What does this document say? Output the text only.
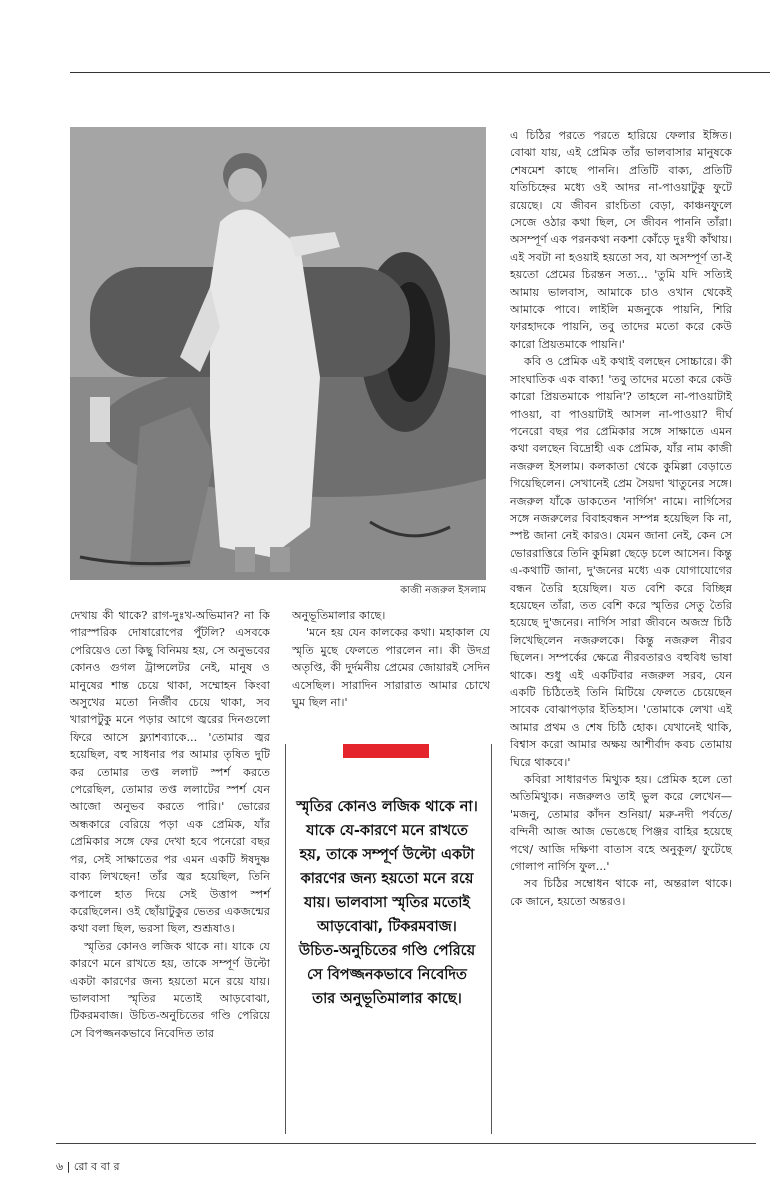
কাজী নজরুল ইসলাম

দেখায় কী থাকে? রাগ-দুঃখ-অভিমান? না কি পারস্পরিক দোষারোপের পুঁটলি? এসবকে পেরিয়েও তো কিছু বিনিময় হয়, সে অনুভবের কোনও গুগল ট্রান্সলেটর নেই, মানুষ ও মানুষের শান্ত চেয়ে থাকা, সম্মোহন কিংবা অসুখের মতো নির্জীব চেয়ে থাকা, সব খারাপটুকু মনে পড়ার আগে জ্বরের দিনগুলো ফিরে আসে ফ্ল্যাশব্যাকে... 'তোমার জ্বর হয়েছিল, বহু সাধনার পর আমার তৃষিত দুটি কর তোমার তপ্ত ললাট স্পর্শ করতে পেরেছিল, তোমার তপ্ত ললাটের স্পর্শ যেন আজো অনুভব করতে পারি।' ভোরের অন্ধকারে বেরিয়ে পড়া এক প্রেমিক, যাঁর প্রেমিকার সঙ্গে ফের দেখা হবে পনেরো বছর পর, সেই সাক্ষাতের পর এমন একটি ঈষদুষ্ণ বাক্য লিখছেন! তাঁর জ্বর হয়েছিল, তিনি কপালে হাত দিয়ে সেই উত্তাপ স্পর্শ করেছিলেন। ওই ছোঁয়াটুকুর ভেতর একজন্মের কথা বলা ছিল, ভরসা ছিল, শুশ্রূষাও।

স্মৃতির কোনও লজিক থাকে না। যাকে যে কারণে মনে রাখতে হয়, তাকে সম্পূর্ণ উল্টো একটা কারণের জন্য হয়তো মনে রয়ে যায়। ভালবাসা স্মৃতির মতোই আড়বোঝা, টিকরমবাজ। উচিত-অনুচিতের গণ্ডি পেরিয়ে সে বিপজ্জনকভাবে নিবেদিত তার

অনুভূতিমালার কাছে।

'মনে হয় যেন কালকের কথা। মহাকাল যে স্মৃতি মুছে ফেলতে পারলেন না। কী উদগ্র অতৃপ্তি, কী দুর্দমনীয় প্রেমের জোয়ারই সেদিন এসেছিল। সারাদিন সারারাত আমার চোখে ঘুম ছিল না।'

স্মৃতির কোনও লজিক থাকে না। যাকে যে-কারণে মনে রাখতে হয়, তাকে সম্পূর্ণ উল্টো একটা কারণের জন্য হয়তো মনে রয়ে যায়। ভালবাসা স্মৃতির মতোই আড়বোঝা, টিকরমবাজ। উচিত-অনুচিতের গণ্ডি পেরিয়ে সে বিপজ্জনকভাবে নিবেদিত তার অনুভূতিমালার কাছে।

এ চিঠির পরতে পরতে হারিয়ে ফেলার ইঙ্গিত। বোঝা যায়, এই প্রেমিক তাঁর ভালবাসার মানুষকে শেষমেশ কাছে পাননি। প্রতিটি বাক্য, প্রতিটি যতিচিহ্নের মধ্যে ওই আদর না-পাওয়াটুকু ফুটে রয়েছে। যে জীবন রাংচিতা বেড়া, কাঞ্চনফুলে সেজে ওঠার কথা ছিল, সে জীবন পাননি তাঁরা। অসম্পূর্ণ এক পরনকথা নকশা কোঁড়ে দুঃখী কাঁথায়। এই সবটা না হওয়াই হয়তো সব, যা অসম্পূর্ণ তা-ই হয়তো প্রেমের চিরন্তন সত্য... 'তুমি যদি সত্যিই আমায় ভালবাস, আমাকে চাও ওখান থেকেই আমাকে পাবে। লাইলি মজনুকে পায়নি, শিরি ফারহাদকে পায়নি, তবু তাদের মতো করে কেউ কারো প্রিয়তমাকে পায়নি।'

কবি ও প্রেমিক এই কথাই বলছেন সোচ্চারে। কী সাংঘাতিক এক বাক্য! 'তবু তাদের মতো করে কেউ কারো প্রিয়তমাকে পায়নি'? তাহলে না-পাওয়াটাই পাওয়া, বা পাওয়াটাই আসল না-পাওয়া? দীর্ঘ পনেরো বছর পর প্রেমিকার সঙ্গে সাক্ষাতে এমন কথা বলছেন বিদ্রোহী এক প্রেমিক, যাঁর নাম কাজী নজরুল ইসলাম। কলকাতা থেকে কুমিল্লা বেড়াতে গিয়েছিলেন। সেখানেই প্রেম সৈয়দা খাতুনের সঙ্গে। নজরুল যাঁকে ডাকতেন 'নার্গিস' নামে। নার্গিসের সঙ্গে নজরুলের বিবাহবন্ধন সম্পন্ন হয়েছিল কি না, স্পষ্ট জানা নেই কারও। যেমন জানা নেই, কেন সে ভোররাত্তিরে তিনি কুমিল্লা ছেড়ে চলে আসেন। কিন্তু এ-কথাটি জানা, দু'জনের মধ্যে এক যোগাযোগের বন্ধন তৈরি হয়েছিল। যত বেশি করে বিচ্ছিন্ন হয়েছেন তাঁরা, তত বেশি করে স্মৃতির সেতু তৈরি হয়েছে দু'জনের। নার্গিস সারা জীবনে অজস্র চিঠি লিখেছিলেন নজরুলকে। কিন্তু নজরুল নীরব ছিলেন। সম্পর্কের ক্ষেত্রে নীরবতারও বহুবিধ ভাষা থাকে। শুধু এই একটিবার নজরুল সরব, যেন একটি চিঠিতেই তিনি মিটিয়ে ফেলতে চেয়েছেন সাবেক বোঝাপড়ার ইতিহাস। 'তোমাকে লেখা এই আমার প্রথম ও শেষ চিঠি হোক। যেখানেই থাকি, বিশ্বাস করো আমার অক্ষয় আশীর্বাদ কবচ তোমায় ঘিরে থাকবে।'

কবিরা সাধারণত মিথ্যুক হয়। প্রেমিক হলে তো অতিমিথ্যুক। নজরুলও তাই ভুল করে লেখেন— 'মজনু, তোমার কাঁদন শুনিয়া/ মরু-নদী পর্বতে/ বন্দিনী আজ আজ ভেঙেছে পিঞ্জর বাহির হয়েছে পথে/ আজি দক্ষিণা বাতাস বহে অনুকূল/ ফুটেছে গোলাপ নার্গিস ফুল...'

সব চিঠির সম্বোধন থাকে না, অন্তরাল থাকে। কে জানে, হয়তো অন্তরও।

৬ | রো ব বা র
